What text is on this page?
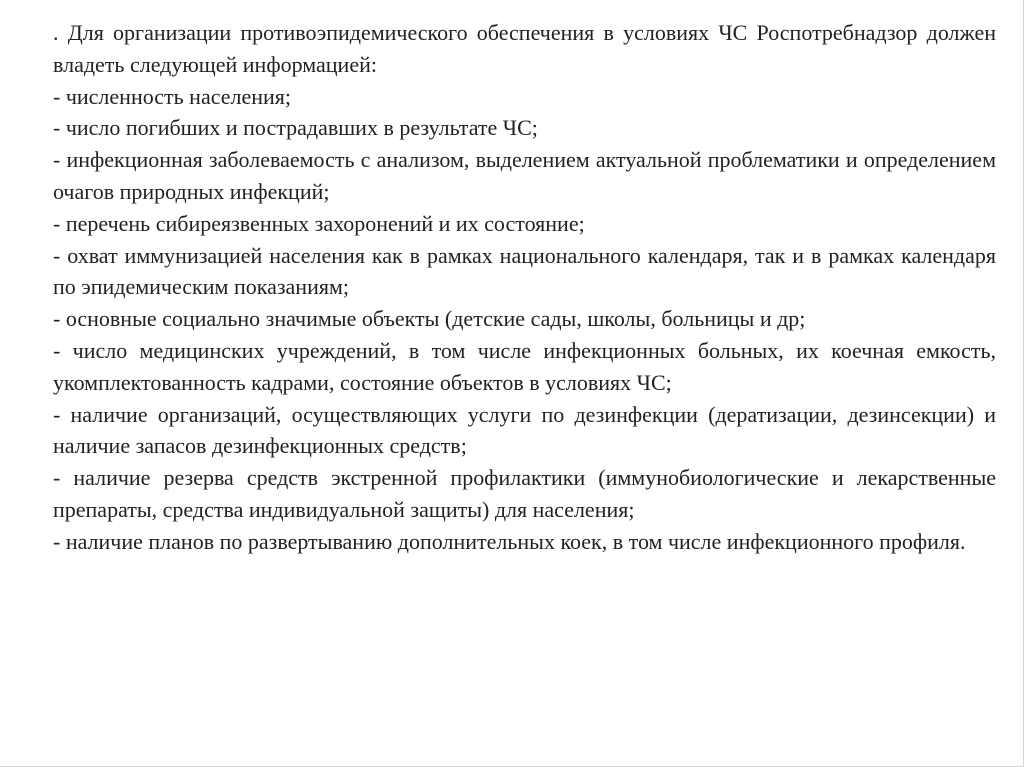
. Для организации противоэпидемического обеспечения в условиях ЧС Роспотребнадзор должен владеть следующей информацией:

- численность населения;

- число погибших и пострадавших в результате ЧС;

- инфекционная заболеваемость с анализом, выделением актуальной проблематики и определением очагов природных инфекций;

- перечень сибиреязвенных захоронений и их состояние;

- охват иммунизацией населения как в рамках национального календаря, так и в рамках календаря по эпидемическим показаниям;

- основные социально значимые объекты (детские сады, школы, больницы и др;

- число медицинских учреждений, в том числе инфекционных больных, их коечная емкость, укомплектованность кадрами, состояние объектов в условиях ЧС;

- наличие организаций, осуществляющих услуги по дезинфекции (дератизации, дезинсекции) и наличие запасов дезинфекционных средств;

- наличие резерва средств экстренной профилактики (иммунобиологические и лекарственные препараты, средства индивидуальной защиты) для населения;

- наличие планов по развертыванию дополнительных коек, в том числе инфекционного профиля.
